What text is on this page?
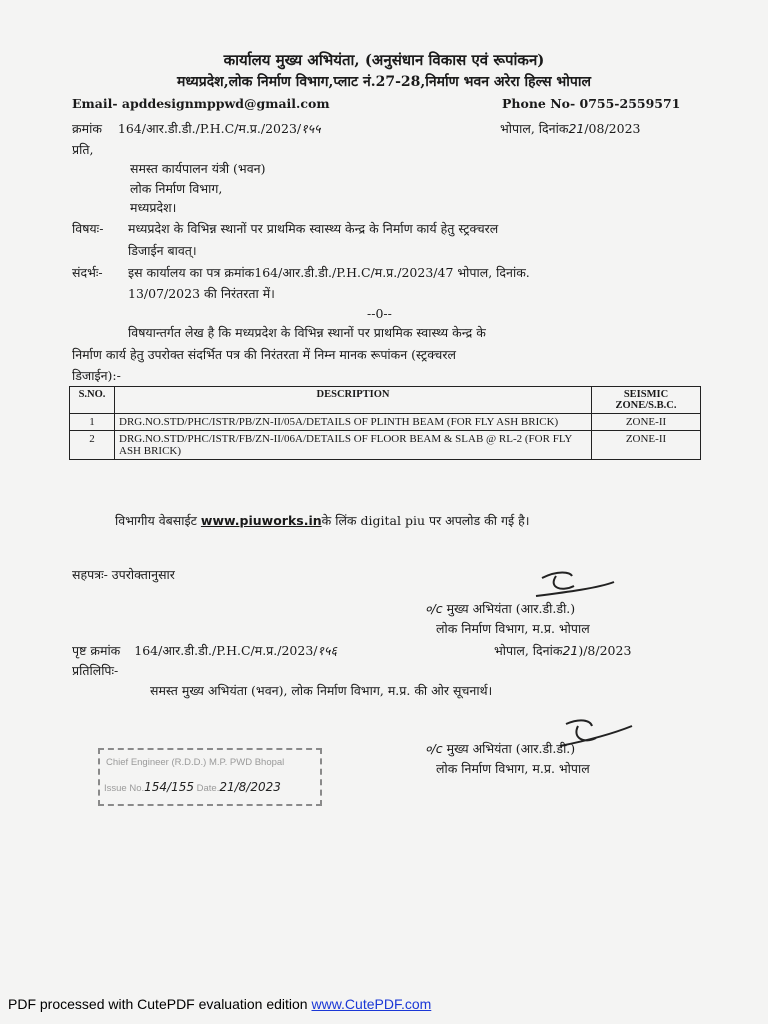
कार्यालय मुख्य अभियंता, (अनुसंधान विकास एवं रूपांकन)
मध्यप्रदेश,लोक निर्माण विभाग,प्लाट नं.27-28,निर्माण भवन अरेरा हिल्स भोपाल
Email- apddesignmppwd@gmail.com	Phone No- 0755-2559571
क्रमांक 164/आर.डी.डी./P.H.C/म.प्र./2023/१५५	भोपाल, दिनांक21/08/2023
प्रति,
समस्त कार्यपालन यंत्री (भवन)
लोक निर्माण विभाग,
मध्यप्रदेश।
विषयः- मध्यप्रदेश के विभिन्न स्थानों पर प्राथमिक स्वास्थ्य केन्द्र के निर्माण कार्य हेतु स्ट्रक्चरल
डिजाईन बावत्।
संदर्भः- इस कार्यालय का पत्र क्रमांक164/आर.डी.डी./P.H.C/म.प्र./2023/47 भोपाल, दिनांक.
13/07/2023 की निरंतरता में।
--0--
विषयान्तर्गत लेख है कि मध्यप्रदेश के विभिन्न स्थानों पर प्राथमिक स्वास्थ्य केन्द्र के
निर्माण कार्य हेतु उपरोक्त संदर्भित पत्र की निरंतरता में निम्न मानक रूपांकन (स्ट्रक्चरल
डिजाईन):-
S.NO.	DESCRIPTION	SEISMIC ZONE/S.B.C.
1	DRG.NO.STD/PHC/ISTR/PB/ZN-II/05A/DETAILS OF PLINTH BEAM (FOR FLY ASH BRICK)	ZONE-II
2	DRG.NO.STD/PHC/ISTR/FB/ZN-II/06A/DETAILS OF FLOOR BEAM & SLAB @ RL-2 (FOR FLY ASH BRICK)	ZONE-II
विभागीय वेबसाईट www.piuworks.inके लिंक digital piu पर अपलोड की गई है।
सहपत्रः- उपरोक्तानुसार
०/c मुख्य अभियंता (आर.डी.डी.)
लोक निर्माण विभाग, म.प्र. भोपाल
पृष्ट क्रमांक 164/आर.डी.डी./P.H.C/म.प्र./2023/१५६	भोपाल, दिनांक21)/8/2023
प्रतिलिपिः-
समस्त मुख्य अभियंता (भवन), लोक निर्माण विभाग, म.प्र. की ओर सूचनार्थ।
०/c मुख्य अभियंता (आर.डी.डी.)
लोक निर्माण विभाग, म.प्र. भोपाल
Chief Engineer (R.D.D.) M.P. PWD Bhopal
Issue No.154/155 Date.21/8/2023
PDF processed with CutePDF evaluation edition www.CutePDF.com
